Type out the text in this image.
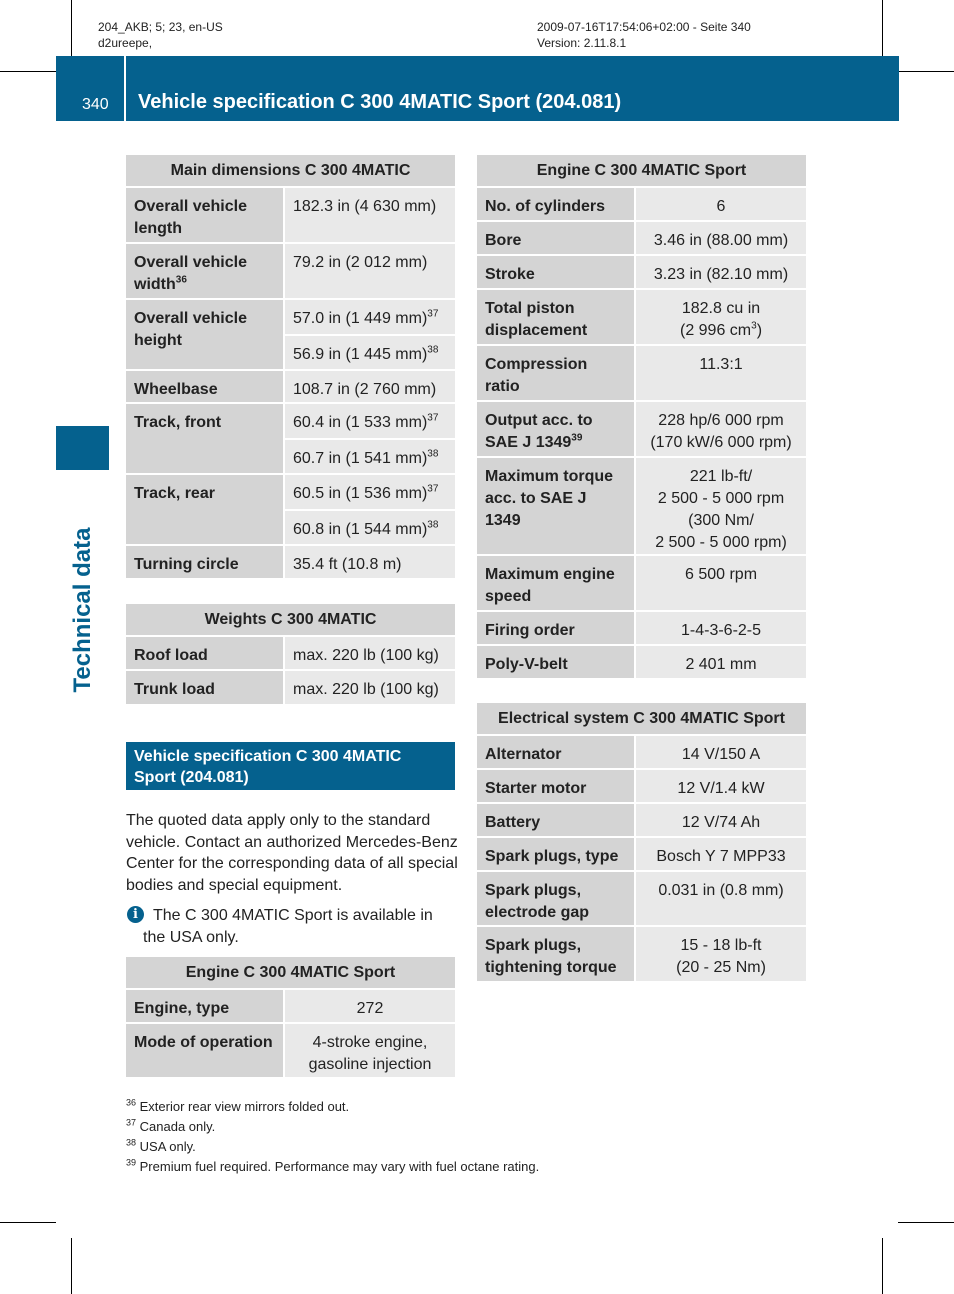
204_AKB; 5; 23, en-US
d2ureepe,
2009-07-16T17:54:06+02:00 - Seite 340
Version: 2.11.8.1
340 Vehicle specification C 300 4MATIC Sport (204.081)
Technical data
Main dimensions C 300 4MATIC	
Overall vehicle length	182.3 in (4 630 mm)
Overall vehicle width$^{36}$	79.2 in (2 012 mm)
Overall vehicle height	57.0 in (1 449 mm)$^{37}$
	56.9 in (1 445 mm)$^{38}$
Wheelbase	108.7 in (2 760 mm)
Track, front	60.4 in (1 533 mm)$^{37}$
	60.7 in (1 541 mm)$^{38}$
Track, rear	60.5 in (1 536 mm)$^{37}$
	60.8 in (1 544 mm)$^{38}$
Turning circle	35.4 ft (10.8 m)
Weights C 300 4MATIC	
Roof load	max. 220 lb (100 kg)
Trunk load	max. 220 lb (100 kg)
Vehicle specification C 300 4MATIC Sport (204.081)
The quoted data apply only to the standard vehicle. Contact an authorized Mercedes-Benz Center for the corresponding data of all special bodies and special equipment.
i The C 300 4MATIC Sport is available in the USA only.
Engine C 300 4MATIC Sport	
Engine, type	272
Mode of operation	4-stroke engine, gasoline injection
Engine C 300 4MATIC Sport	
No. of cylinders	6
Bore	3.46 in (88.00 mm)
Stroke	3.23 in (82.10 mm)
Total piston displacement	182.8 cu in
(2 996 $cm^3$)

Compression ratio	11.3:1
Output acc. to SAE J 1349$^{39}$	228 hp/6 000 rpm
(170 kW/6 000 rpm)

Maximum torque acc. to SAE J 1349	221 lb-ft/
2 500 - 5 000 rpm
(300 Nm/
2 500 - 5 000 rpm)

Maximum engine speed	6 500 rpm
Firing order	1-4-3-6-2-5
Poly-V-belt	2 401 mm
Electrical system C 300 4MATIC Sport	
Alternator	14 V/150 A
Starter motor	12 V/1.4 kW
Battery	12 V/74 Ah
Spark plugs, type	Bosch Y 7 MPP33
Spark plugs, electrode gap	0.031 in (0.8 mm)
Spark plugs, tightening torque	15 - 18 lb-ft
(20 - 25 Nm)
$^{36}$ Exterior rear view mirrors folded out.
$^{37}$ Canada only.
$^{38}$ USA only.
$^{39}$ Premium fuel required. Performance may vary with fuel octane rating.
